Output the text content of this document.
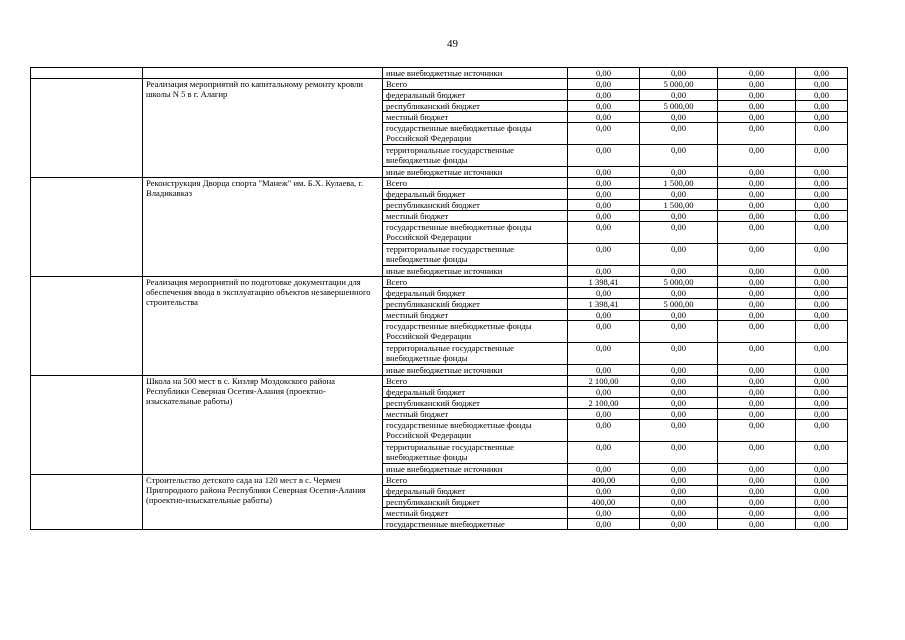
49
		иные внебюджетные источники	0,00	0,00	0,00	0,00
	Реализация мероприятий по капитальному ремонту кровли школы N 5 в г. Алагир	Всего	0,00	5 000,00	0,00	0,00
		федеральный бюджет	0,00	0,00	0,00	0,00
		республиканский бюджет	0,00	5 000,00	0,00	0,00
		местный бюджет	0,00	0,00	0,00	0,00
		государственные внебюджетные фонды Российской Федерации	0,00	0,00	0,00	0,00
		территориальные государственные внебюджетные фонды	0,00	0,00	0,00	0,00
		иные внебюджетные источники	0,00	0,00	0,00	0,00
	Реконструкция Дворца спорта "Манеж" им. Б.Х. Кулаева, г. Владикавказ	Всего	0,00	1 500,00	0,00	0,00
		федеральный бюджет	0,00	0,00	0,00	0,00
		республиканский бюджет	0,00	1 500,00	0,00	0,00
		местный бюджет	0,00	0,00	0,00	0,00
		государственные внебюджетные фонды Российской Федерации	0,00	0,00	0,00	0,00
		территориальные государственные внебюджетные фонды	0,00	0,00	0,00	0,00
		иные внебюджетные источники	0,00	0,00	0,00	0,00
	Реализация мероприятий по подготовке документации для обеспечения ввода в эксплуатацию объектов незавершенного строительства	Всего	1 398,41	5 000,00	0,00	0,00
		федеральный бюджет	0,00	0,00	0,00	0,00
		республиканский бюджет	1 398,41	5 000,00	0,00	0,00
		местный бюджет	0,00	0,00	0,00	0,00
		государственные внебюджетные фонды Российской Федерации	0,00	0,00	0,00	0,00
		территориальные государственные внебюджетные фонды	0,00	0,00	0,00	0,00
		иные внебюджетные источники	0,00	0,00	0,00	0,00
	Школа на 500 мест в с. Кизляр Моздокского района Республики Северная Осетия-Алания (проектно-изыскательные работы)	Всего	2 100,00	0,00	0,00	0,00
		федеральный бюджет	0,00	0,00	0,00	0,00
		республиканский бюджет	2 100,00	0,00	0,00	0,00
		местный бюджет	0,00	0,00	0,00	0,00
		государственные внебюджетные фонды Российской Федерации	0,00	0,00	0,00	0,00
		территориальные государственные внебюджетные фонды	0,00	0,00	0,00	0,00
		иные внебюджетные источники	0,00	0,00	0,00	0,00
	Строительство детского сада на 120 мест в с. Чермен Пригородного района Республики Северная Осетия-Алания (проектно-изыскательные работы)	Всего	400,00	0,00	0,00	0,00
		федеральный бюджет	0,00	0,00	0,00	0,00
		республиканский бюджет	400,00	0,00	0,00	0,00
		местный бюджет	0,00	0,00	0,00	0,00
		государственные внебюджетные	0,00	0,00	0,00	0,00
